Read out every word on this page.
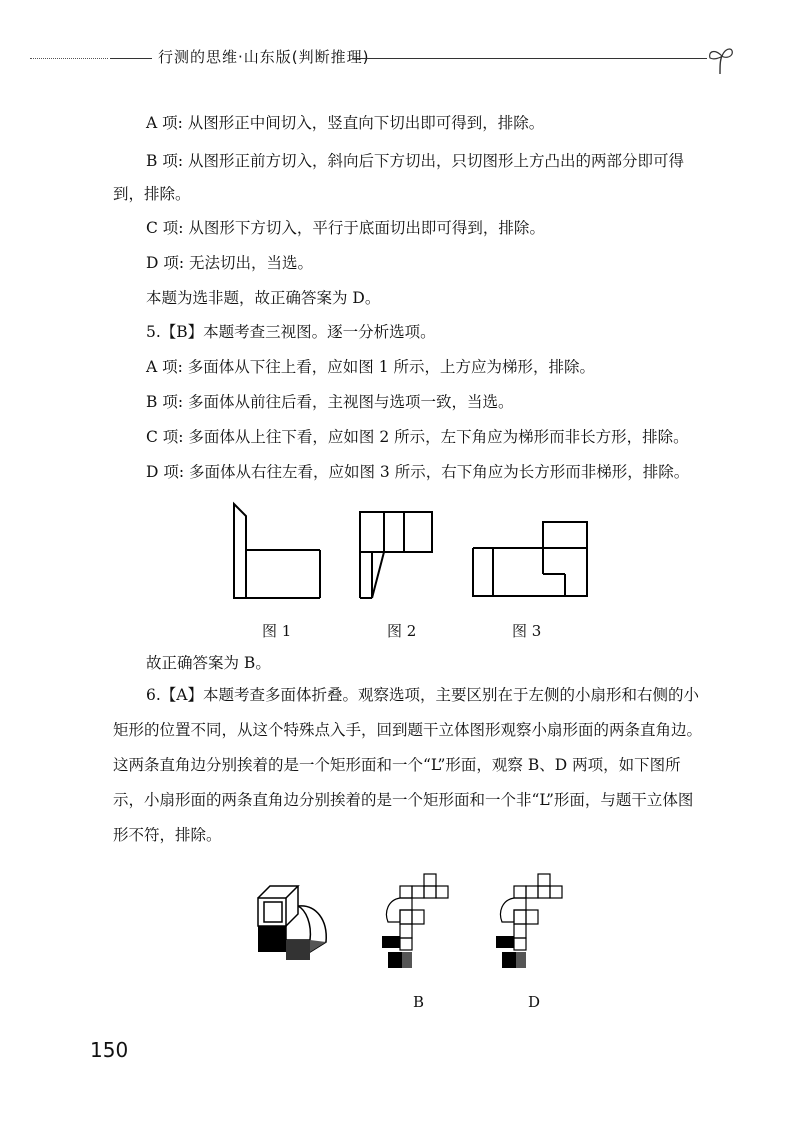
行测的思维·山东版(判断推理)
A 项: 从图形正中间切入，竖直向下切出即可得到，排除。
B 项: 从图形正前方切入，斜向后下方切出，只切图形上方凸出的两部分即可得
到，排除。
C 项: 从图形下方切入，平行于底面切出即可得到，排除。
D 项: 无法切出，当选。
本题为选非题，故正确答案为 D。
5.【B】本题考查三视图。逐一分析选项。
A 项: 多面体从下往上看，应如图 1 所示，上方应为梯形，排除。
B 项: 多面体从前往后看，主视图与选项一致，当选。
C 项: 多面体从上往下看，应如图 2 所示，左下角应为梯形而非长方形，排除。
D 项: 多面体从右往左看，应如图 3 所示，右下角应为长方形而非梯形，排除。
图 1	图 2	图 3
故正确答案为 B。
6.【A】本题考查多面体折叠。观察选项，主要区别在于左侧的小扇形和右侧的小矩形的位置不同，从这个特殊点入手，回到题干立体图形观察小扇形面的两条直角边。这两条直角边分别挨着的是一个矩形面和一个“L”形面，观察 B、D 两项，如下图所示，小扇形面的两条直角边分别挨着的是一个矩形面和一个非“L”形面，与题干立体图形不符，排除。
B	D
150
